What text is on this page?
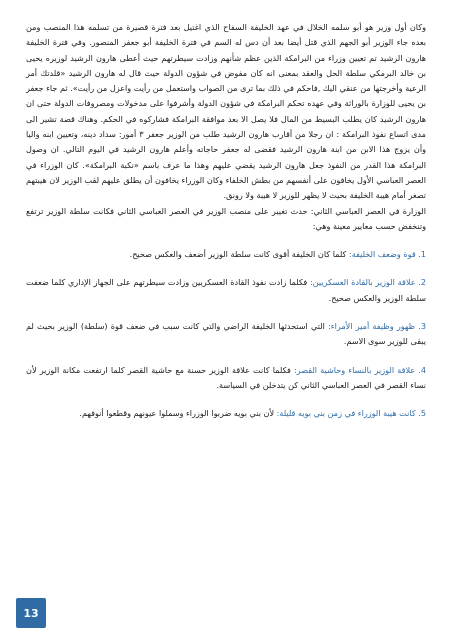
وكان أول وزير هو أبو سلمه الخلال في عهد الخليفة السفاح الذي اغتيل بعد فترة قصيرة من تسلمه هذا المنصب ومن بعده جاء الوزير أبو الجهم الذي قتل أيضا بعد أن دس له السم في فترة الخليفة أبو جعفر المنصور. وفي فترة الخليفة هارون الرشيد تم تعيين وزراء من البرامكة الذين عظم شأنهم وزادت سيطرتهم حيث أعطى هارون الرشيد لوزيره يحيى بن خالد البرمكي سلطة الحل والعقد بمعنى انه كان مفوض في شؤون الدولة حيث قال له هارون الرشيد «قلدتك أمر الرعية وأخرجتها من عنقي اليك ,فاحكم في ذلك بما ترى من الصواب واستعمل من رأيت واعزل من رأيت». ثم جاء جعفر بن يحيى للوزارة بالوراثة وفي عهده تحكم البرامكة في شؤون الدولة وأشرفوا على مدخولات ومصروفات الدولة حتى ان هارون الرشيد كان يطلب البسيط من المال فلا يصل الا بعد موافقة البرامكة فشاركوه في الحكم. وهناك قصة تشير الى مدى اتساع نفوذ البرامكة : ان رجلا من أقارب هارون الرشيد طلب من الوزير جعفر ٣ أمور: سداد دينه، وتعيين ابنه واليا وأن يزوج هذا الابن من ابنة هارون الرشيد فقضى له جعفر حاجاته وأعلم هارون الرشيد في اليوم التالي. ان وصول البرامكة هذا القدر من النفوذ جعل هارون الرشيد يقضي عليهم وهذا ما عرف باسم «نكبة البرامكة». كان الوزراء في العصر العباسي الأول يخافون على أنفسهم من بطش الخلفاء وكان الوزراء يخافون أن يطلق عليهم لقب الوزير لان هيبتهم تصغر أمام هيبة الخليفة بحيث لا يظهر للوزير لا هيبة ولا رونق.

الوزارة في العصر العباسي الثاني: حدث تغيير على منصب الوزير في العصر العباسي الثاني فكانت سلطة الوزير ترتفع وتنخفض حسب معايير معينة وهي:

1. قوة وضعف الخليفة: كلما كان الخليفة أقوى كانت سلطة الوزير أضعف والعكس صحيح.

2. علاقة الوزير بالقادة العسكريين: فكلما زادت نفوذ القادة العسكريين وزادت سيطرتهم على الجهاز الإداري كلما ضعفت سلطة الوزير والعكس صحيح.

3. ظهور وظيفة أمير الأمراء: التي استحدثها الخليفة الراضي والتي كانت سبب في ضعف قوة (سلطة) الوزير بحيث لم يبقى للوزير سوى الاسم.

4. علاقة الوزير بالنساء وحاشية القصر: فكلما كانت علاقة الوزير حسنة مع حاشية القصر كلما ارتفعت مكانة الوزير لأن نساء القصر في العصر العباسي الثاني كن يتدخلن في السياسة.

5. كانت هيبة الوزراء في زمن بني بويه قليلة: لأن بني بويه ضربوا الوزراء وسملوا عيونهم وقطعوا أنوفهم.

13
